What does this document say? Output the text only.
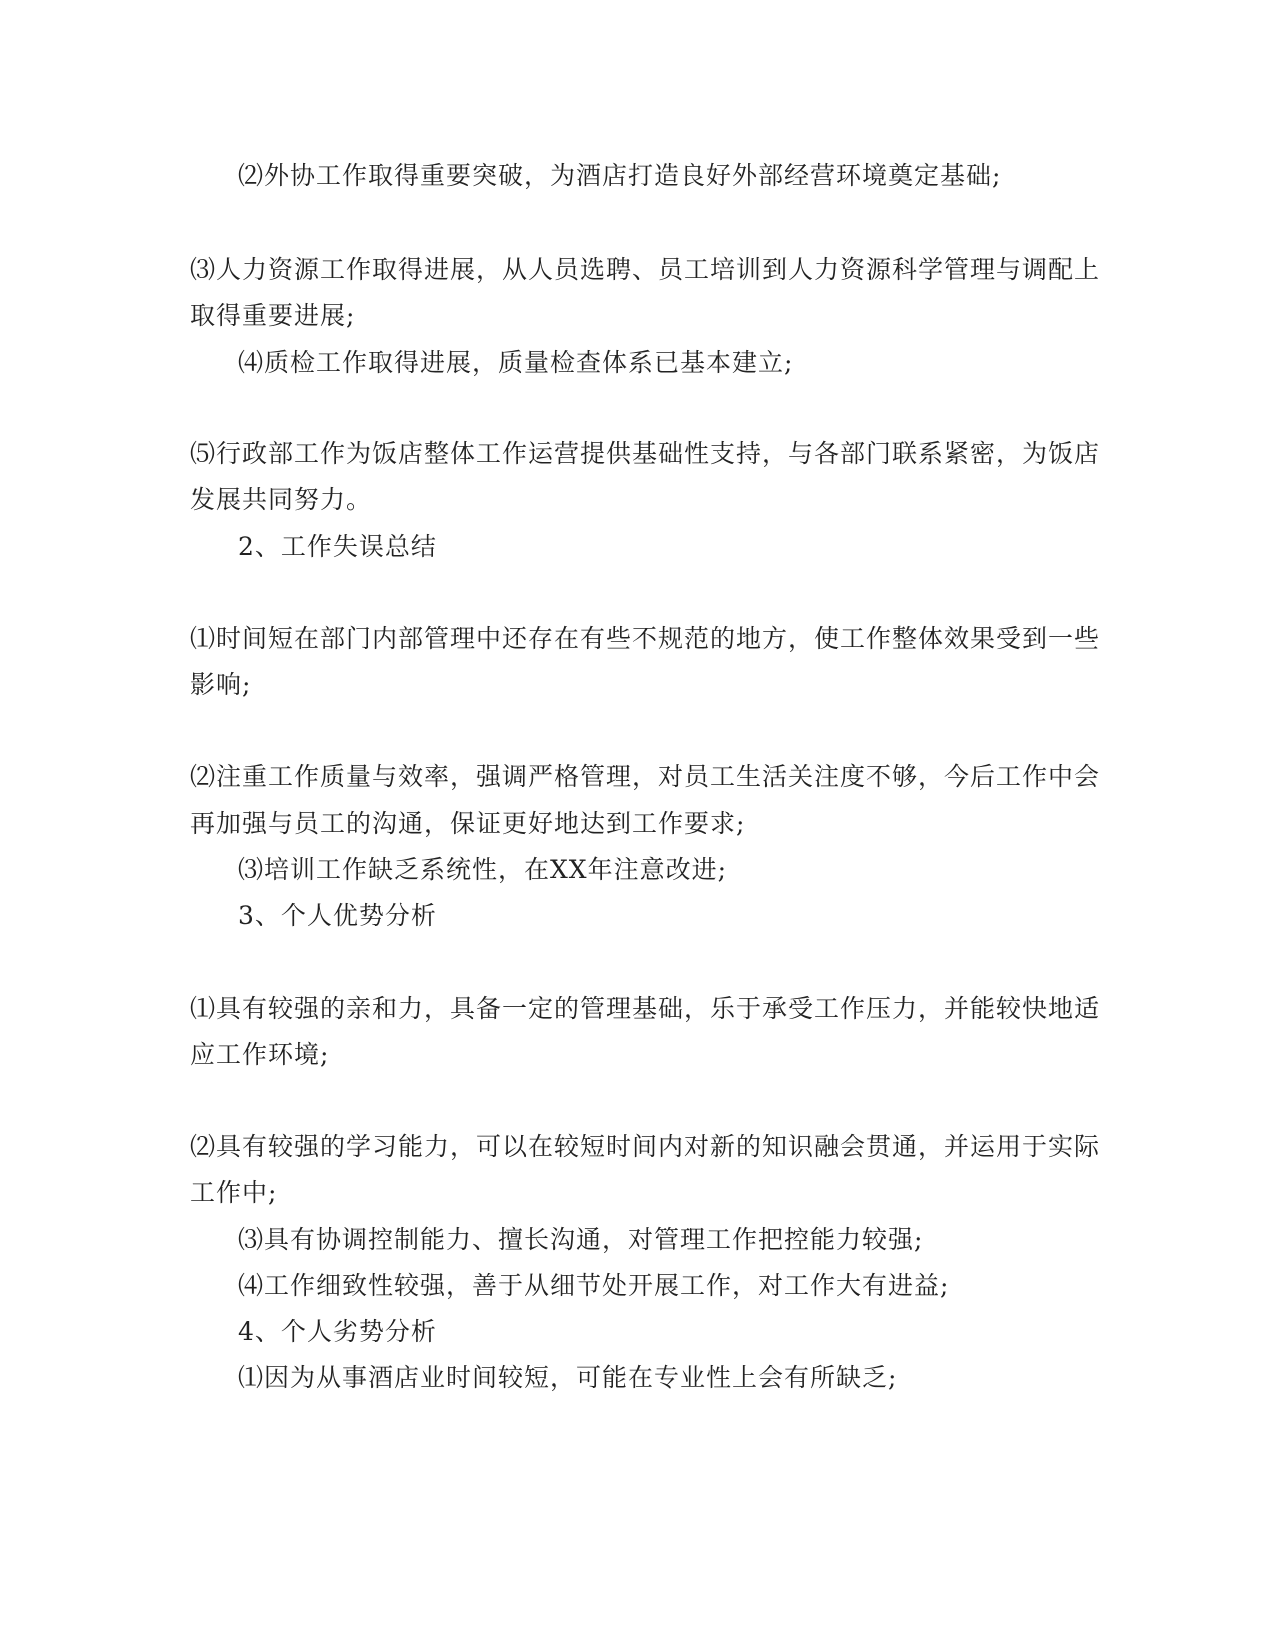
⑵外协工作取得重要突破，为酒店打造良好外部经营环境奠定基础;
⑶人力资源工作取得进展，从人员选聘、员工培训到人力资源科学管理与调配上
取得重要进展;
⑷质检工作取得进展，质量检查体系已基本建立;
⑸行政部工作为饭店整体工作运营提供基础性支持，与各部门联系紧密，为饭店
发展共同努力。
2、工作失误总结
⑴时间短在部门内部管理中还存在有些不规范的地方，使工作整体效果受到一些
影响;
⑵注重工作质量与效率，强调严格管理，对员工生活关注度不够，今后工作中会
再加强与员工的沟通，保证更好地达到工作要求;
⑶培训工作缺乏系统性，在XX年注意改进;
3、个人优势分析
⑴具有较强的亲和力，具备一定的管理基础，乐于承受工作压力，并能较快地适
应工作环境;
⑵具有较强的学习能力，可以在较短时间内对新的知识融会贯通，并运用于实际
工作中;
⑶具有协调控制能力、擅长沟通，对管理工作把控能力较强;
⑷工作细致性较强，善于从细节处开展工作，对工作大有进益;
4、个人劣势分析
⑴因为从事酒店业时间较短，可能在专业性上会有所缺乏;
